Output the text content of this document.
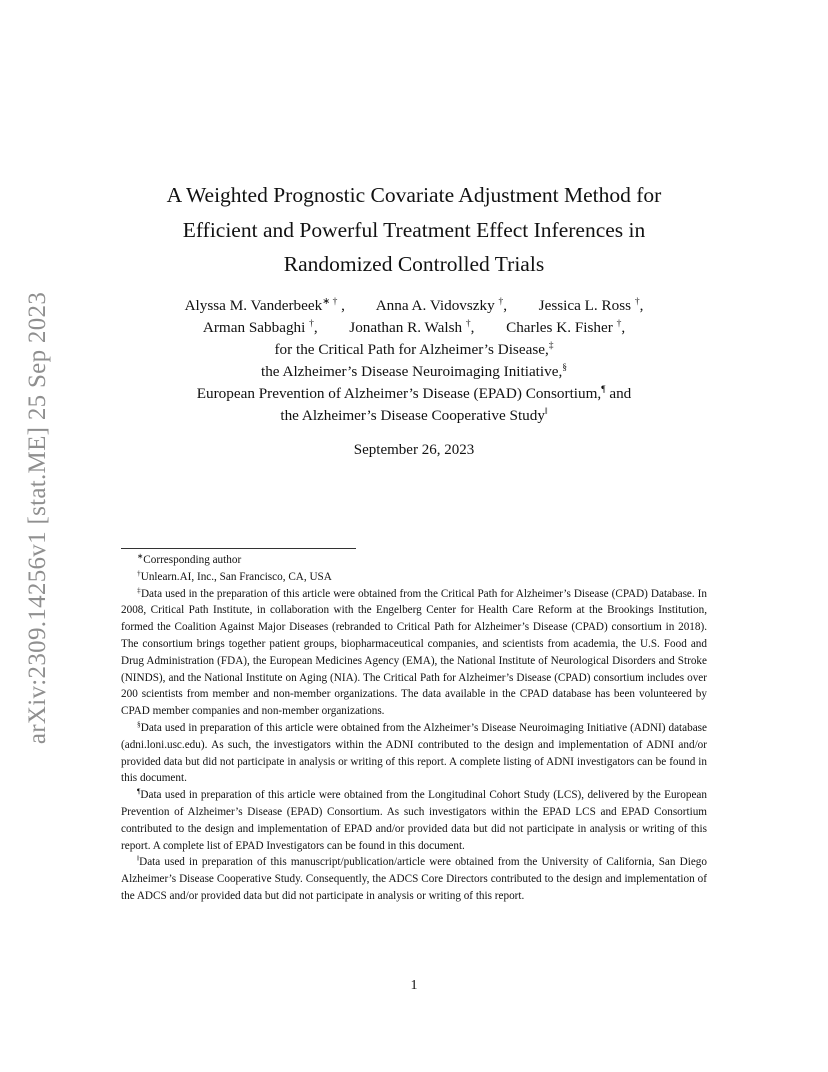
arXiv:2309.14256v1 [stat.ME] 25 Sep 2023
A Weighted Prognostic Covariate Adjustment Method for
Efficient and Powerful Treatment Effect Inferences in
Randomized Controlled Trials
Alyssa M. Vanderbeek∗ † , Anna A. Vidovszky †, Jessica L. Ross †,
Arman Sabbaghi †, Jonathan R. Walsh †, Charles K. Fisher †,
for the Critical Path for Alzheimer’s Disease,‡
the Alzheimer’s Disease Neuroimaging Initiative,§
European Prevention of Alzheimer’s Disease (EPAD) Consortium,¶ and
the Alzheimer’s Disease Cooperative Study‖
September 26, 2023

∗Corresponding author

†Unlearn.AI, Inc., San Francisco, CA, USA

‡Data used in the preparation of this article were obtained from the Critical Path for Alzheimer’s Disease (CPAD) Database. In 2008, Critical Path Institute, in collaboration with the Engelberg Center for Health Care Reform at the Brookings Institution, formed the Coalition Against Major Diseases (rebranded to Critical Path for Alzheimer’s Disease (CPAD) consortium in 2018). The consortium brings together patient groups, biopharmaceutical companies, and scientists from academia, the U.S. Food and Drug Administration (FDA), the European Medicines Agency (EMA), the National Institute of Neurological Disorders and Stroke (NINDS), and the National Institute on Aging (NIA). The Critical Path for Alzheimer’s Disease (CPAD) consortium includes over 200 scientists from member and non-member organizations. The data available in the CPAD database has been volunteered by CPAD member companies and non-member organizations.

§Data used in preparation of this article were obtained from the Alzheimer’s Disease Neuroimaging Initiative (ADNI) database (adni.loni.usc.edu). As such, the investigators within the ADNI contributed to the design and implementation of ADNI and/or provided data but did not participate in analysis or writing of this report. A complete listing of ADNI investigators can be found in this document.

¶Data used in preparation of this article were obtained from the Longitudinal Cohort Study (LCS), delivered by the European Prevention of Alzheimer’s Disease (EPAD) Consortium. As such investigators within the EPAD LCS and EPAD Consortium contributed to the design and implementation of EPAD and/or provided data but did not participate in analysis or writing of this report. A complete list of EPAD Investigators can be found in this document.

‖Data used in preparation of this manuscript/publication/article were obtained from the University of California, San Diego Alzheimer’s Disease Cooperative Study. Consequently, the ADCS Core Directors contributed to the design and implementation of the ADCS and/or provided data but did not participate in analysis or writing of this report.

1
